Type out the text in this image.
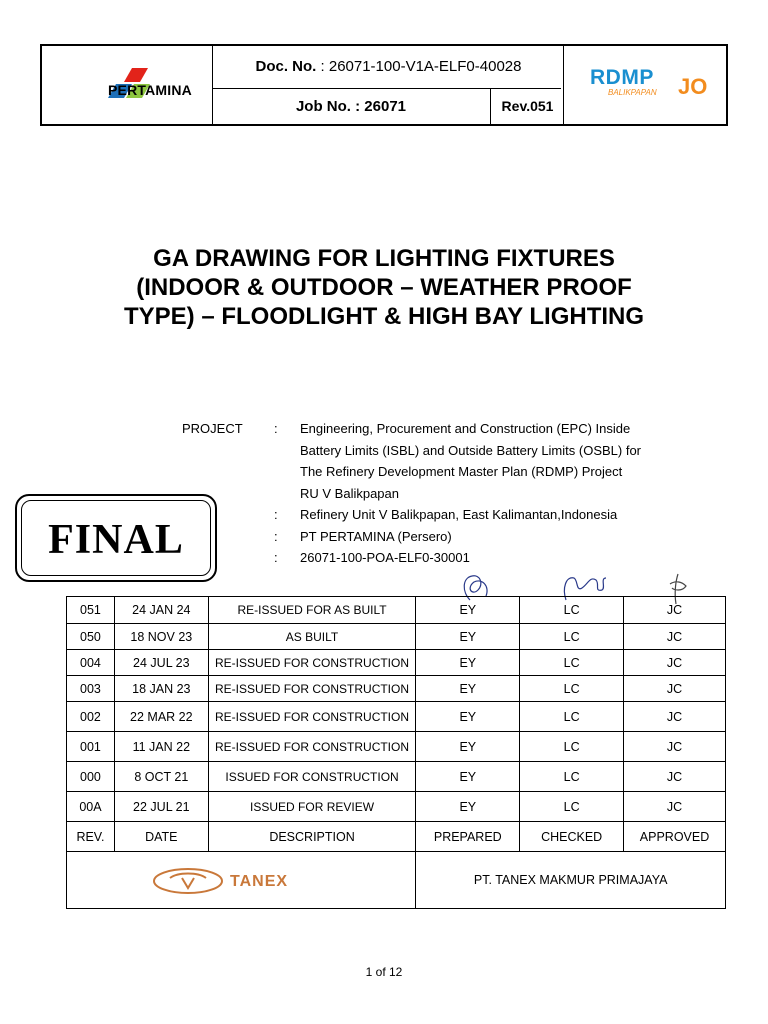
PERTAMINA
Doc. No. : 26071-100-V1A-ELF0-40028
Job No. : 26071	Rev.051
RDMP JO
BALIKPAPAN
GA DRAWING FOR LIGHTING FIXTURES
(INDOOR & OUTDOOR – WEATHER PROOF
TYPE) – FLOODLIGHT & HIGH BAY LIGHTING
PROJECT	:	Engineering, Procurement and Construction (EPC) Inside
Battery Limits (ISBL) and Outside Battery Limits (OSBL) for
The Refinery Development Master Plan (RDMP) Project
RU V Balikpapan
:	Refinery Unit V Balikpapan, East Kalimantan,Indonesia
:	PT PERTAMINA (Persero)
:	26071-100-POA-ELF0-30001
FINAL
051	24 JAN 24	RE-ISSUED FOR AS BUILT	EY	LC	JC
050	18 NOV 23	AS BUILT	EY	LC	JC
004	24 JUL 23	RE-ISSUED FOR CONSTRUCTION	EY	LC	JC
003	18 JAN 23	RE-ISSUED FOR CONSTRUCTION	EY	LC	JC
002	22 MAR 22	RE-ISSUED FOR CONSTRUCTION	EY	LC	JC
001	11 JAN 22	RE-ISSUED FOR CONSTRUCTION	EY	LC	JC
000	8 OCT 21	ISSUED FOR CONSTRUCTION	EY	LC	JC
00A	22 JUL 21	ISSUED FOR REVIEW	EY	LC	JC
REV.	DATE	DESCRIPTION	PREPARED	CHECKED	APPROVED
			PT. TANEX MAKMUR PRIMAJAYA		
TANEX
1 of 12
